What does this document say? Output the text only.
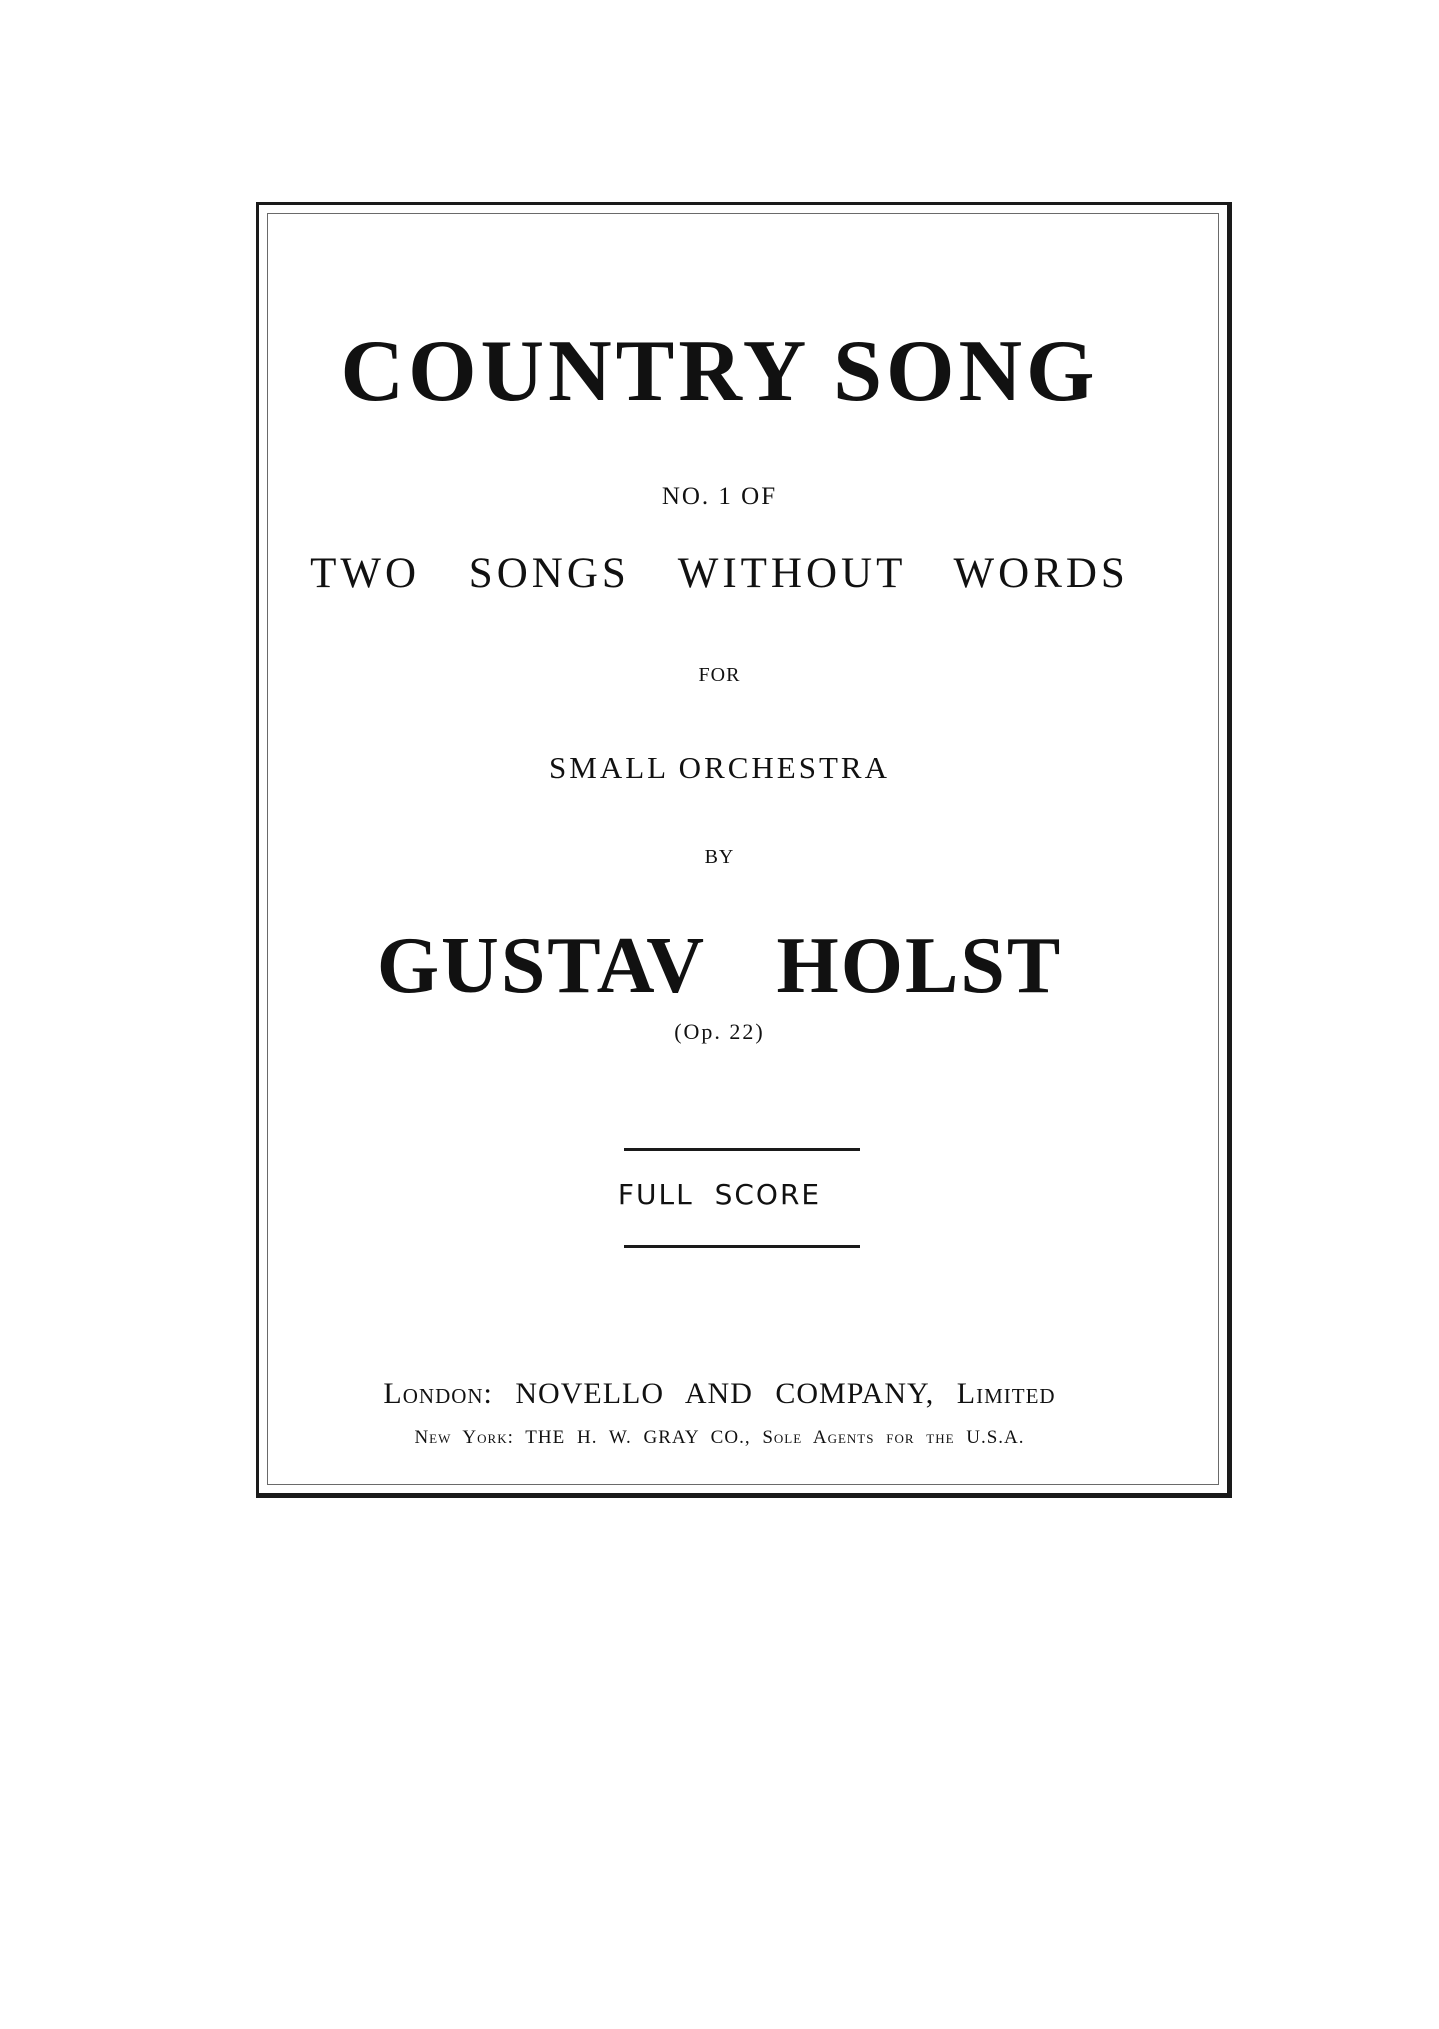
COUNTRY SONG

NO. 1 OF

TWO SONGS WITHOUT WORDS

FOR

SMALL ORCHESTRA

BY

GUSTAV HOLST

(Op. 22)

FULL SCORE

London: NOVELLO AND COMPANY, Limited

New York: THE H. W. GRAY CO., Sole Agents for the U.S.A.
